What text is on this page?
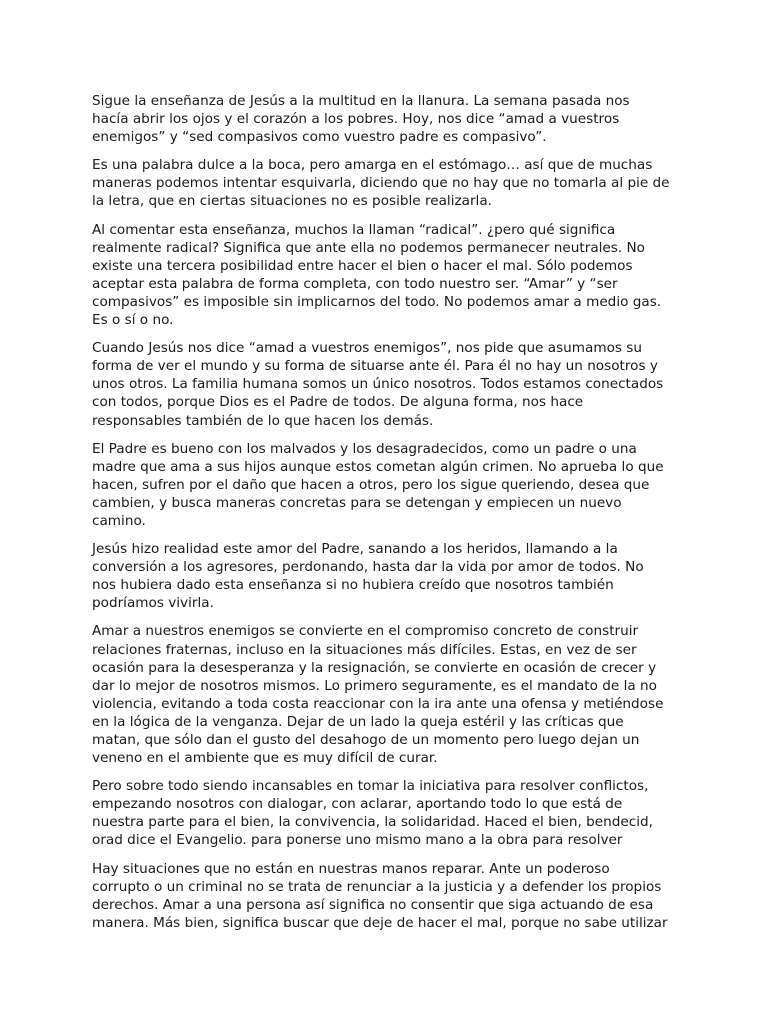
Sigue la enseñanza de Jesús a la multitud en la llanura. La semana pasada nos
hacía abrir los ojos y el corazón a los pobres. Hoy, nos dice “amad a vuestros
enemigos” y “sed compasivos como vuestro padre es compasivo”.

Es una palabra dulce a la boca, pero amarga en el estómago… así que de muchas
maneras podemos intentar esquivarla, diciendo que no hay que no tomarla al pie de
la letra, que en ciertas situaciones no es posible realizarla.

Al comentar esta enseñanza, muchos la llaman “radical”. ¿pero qué significa
realmente radical? Significa que ante ella no podemos permanecer neutrales. No
existe una tercera posibilidad entre hacer el bien o hacer el mal. Sólo podemos
aceptar esta palabra de forma completa, con todo nuestro ser. “Amar” y “ser
compasivos” es imposible sin implicarnos del todo. No podemos amar a medio gas.
Es o sí o no.

Cuando Jesús nos dice “amad a vuestros enemigos”, nos pide que asumamos su
forma de ver el mundo y su forma de situarse ante él. Para él no hay un nosotros y
unos otros. La familia humana somos un único nosotros. Todos estamos conectados
con todos, porque Dios es el Padre de todos. De alguna forma, nos hace
responsables también de lo que hacen los demás.

El Padre es bueno con los malvados y los desagradecidos, como un padre o una
madre que ama a sus hijos aunque estos cometan algún crimen. No aprueba lo que
hacen, sufren por el daño que hacen a otros, pero los sigue queriendo, desea que
cambien, y busca maneras concretas para se detengan y empiecen un nuevo
camino.

Jesús hizo realidad este amor del Padre, sanando a los heridos, llamando a la
conversión a los agresores, perdonando, hasta dar la vida por amor de todos. No
nos hubiera dado esta enseñanza si no hubiera creído que nosotros también
podríamos vivirla.

Amar a nuestros enemigos se convierte en el compromiso concreto de construir
relaciones fraternas, incluso en la situaciones más difíciles. Estas, en vez de ser
ocasión para la desesperanza y la resignación, se convierte en ocasión de crecer y
dar lo mejor de nosotros mismos. Lo primero seguramente, es el mandato de la no
violencia, evitando a toda costa reaccionar con la ira ante una ofensa y metiéndose
en la lógica de la venganza. Dejar de un lado la queja estéril y las críticas que
matan, que sólo dan el gusto del desahogo de un momento pero luego dejan un
veneno en el ambiente que es muy difícil de curar.

Pero sobre todo siendo incansables en tomar la iniciativa para resolver conflictos,
empezando nosotros con dialogar, con aclarar, aportando todo lo que está de
nuestra parte para el bien, la convivencia, la solidaridad. Haced el bien, bendecid,
orad dice el Evangelio. para ponerse uno mismo mano a la obra para resolver

Hay situaciones que no están en nuestras manos reparar. Ante un poderoso
corrupto o un criminal no se trata de renunciar a la justicia y a defender los propios
derechos. Amar a una persona así significa no consentir que siga actuando de esa
manera. Más bien, significa buscar que deje de hacer el mal, porque no sabe utilizar
